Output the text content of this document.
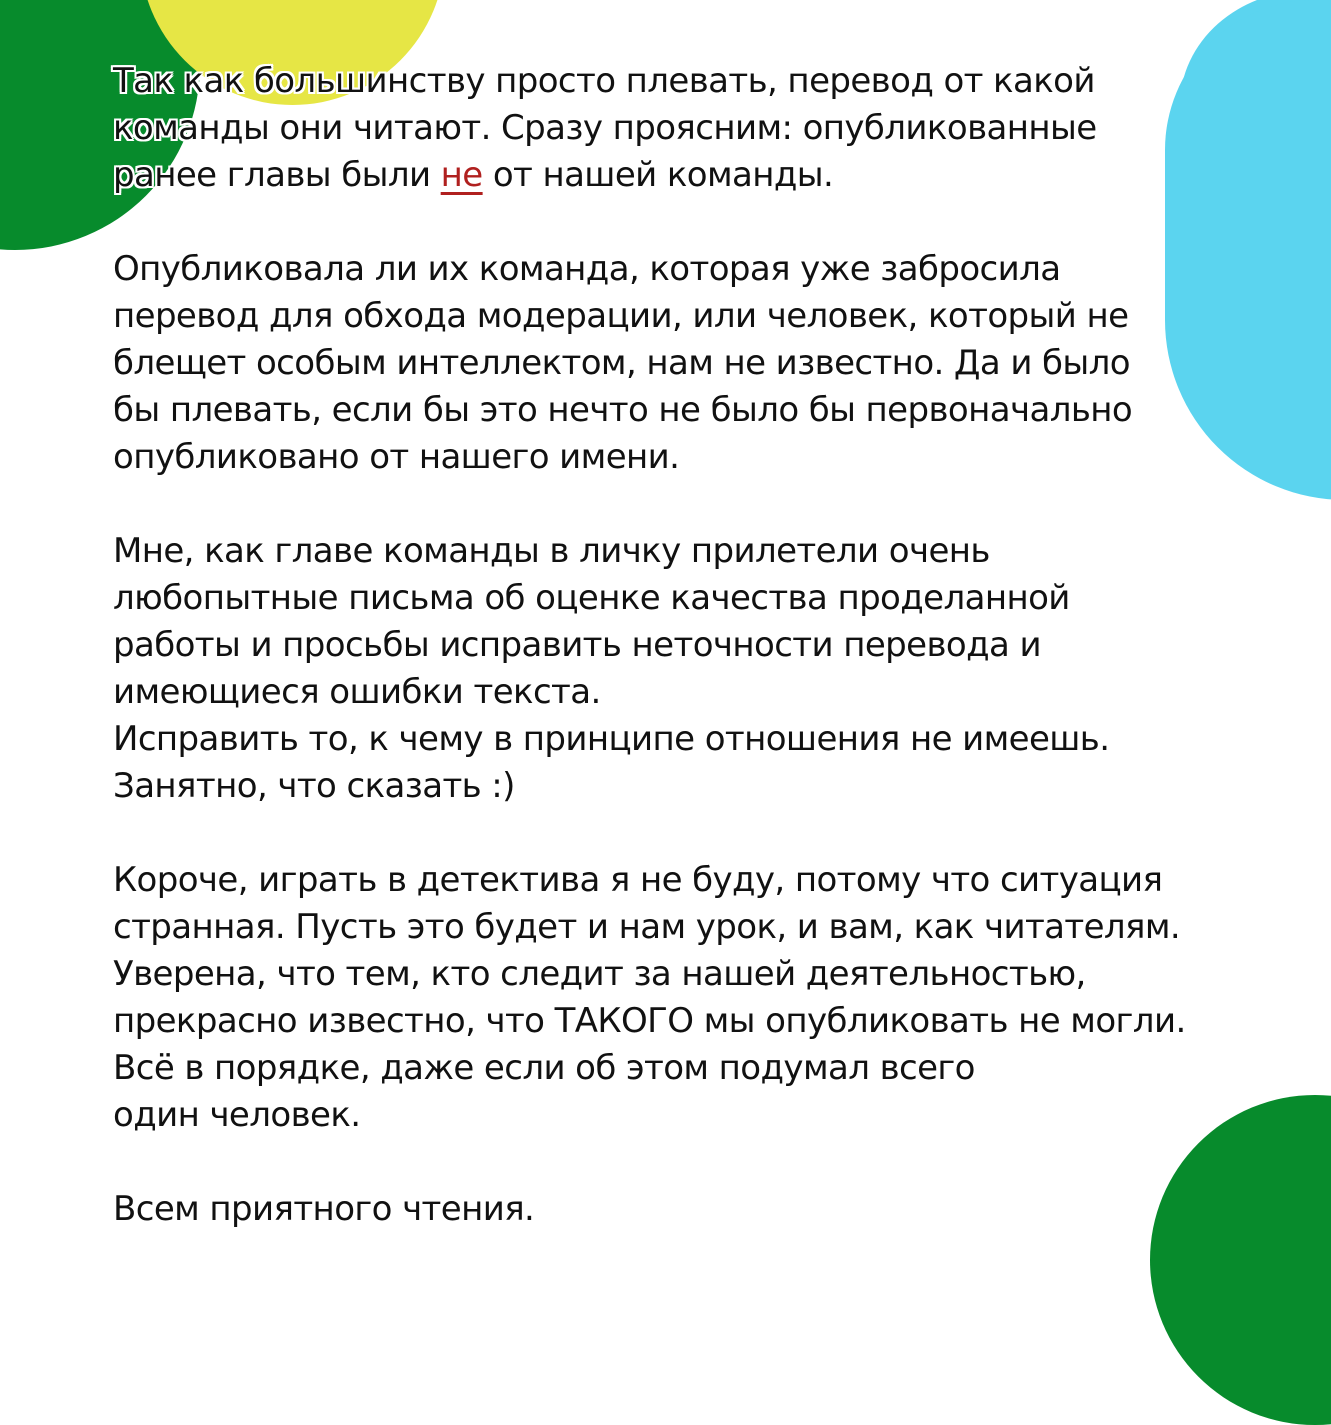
Так как большинству просто плевать, перевод от какой
команды они читают. Сразу проясним: опубликованные
ранее главы были не от нашей команды.

Опубликовала ли их команда, которая уже забросила
перевод для обхода модерации, или человек, который не
блещет особым интеллектом, нам не известно. Да и было
бы плевать, если бы это нечто не было бы первоначально
опубликовано от нашего имени.

Мне, как главе команды в личку прилетели очень
любопытные письма об оценке качества проделанной
работы и просьбы исправить неточности перевода и
имеющиеся ошибки текста.
Исправить то, к чему в принципе отношения не имеешь.
Занятно, что сказать :)

Короче, играть в детектива я не буду, потому что ситуация
странная. Пусть это будет и нам урок, и вам, как читателям.
Уверена, что тем, кто следит за нашей деятельностью,
прекрасно известно, что ТАКОГО мы опубликовать не могли.
Всё в порядке, даже если об этом подумал всего
один человек.

Всем приятного чтения.
